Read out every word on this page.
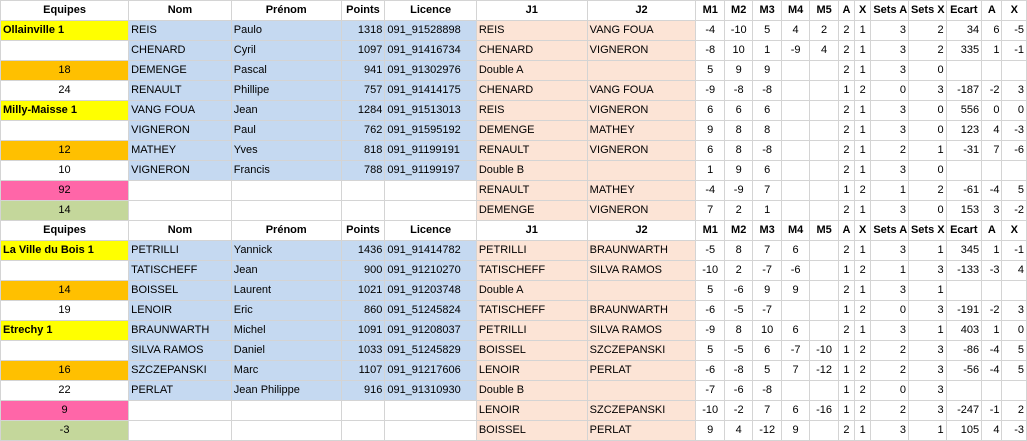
Equipes	Nom	Prénom	Points	Licence	J1	J2	M1	M2	M3	M4	M5	A	X	Sets A	Sets X	Ecart	A	X
Ollainville 1	REIS	Paulo	1318	091_91528898	REIS	VANG FOUA	-4	-10	5	4	2	2	1	3	2	34	6	-5
	CHENARD	Cyril	1097	091_91416734	CHENARD	VIGNERON	-8	10	1	-9	4	2	1	3	2	335	1	-1
18	DEMENGE	Pascal	941	091_91302976	Double A		5	9	9			2	1	3	0			
24	RENAULT	Phillipe	757	091_91414175	CHENARD	VANG FOUA	-9	-8	-8			1	2	0	3	-187	-2	3
Milly-Maisse 1	VANG FOUA	Jean	1284	091_91513013	REIS	VIGNERON	6	6	6			2	1	3	0	556	0	0
	VIGNERON	Paul	762	091_91595192	DEMENGE	MATHEY	9	8	8			2	1	3	0	123	4	-3
12	MATHEY	Yves	818	091_91199191	RENAULT	VIGNERON	6	8	-8			2	1	2	1	-31	7	-6
10	VIGNERON	Francis	788	091_91199197	Double B		1	9	6			2	1	3	0			
92					RENAULT	MATHEY	-4	-9	7			1	2	1	2	-61	-4	5
14					DEMENGE	VIGNERON	7	2	1			2	1	3	0	153	3	-2
Equipes	Nom	Prénom	Points	Licence	J1	J2	M1	M2	M3	M4	M5	A	X	Sets A	Sets X	Ecart	A	X
La Ville du Bois 1	PETRILLI	Yannick	1436	091_91414782	PETRILLI	BRAUNWARTH	-5	8	7	6		2	1	3	1	345	1	-1
	TATISCHEFF	Jean	900	091_91210270	TATISCHEFF	SILVA RAMOS	-10	2	-7	-6		1	2	1	3	-133	-3	4
14	BOISSEL	Laurent	1021	091_91203748	Double A		5	-6	9	9		2	1	3	1			
19	LENOIR	Eric	860	091_51245824	TATISCHEFF	BRAUNWARTH	-6	-5	-7			1	2	0	3	-191	-2	3
Etrechy 1	BRAUNWARTH	Michel	1091	091_91208037	PETRILLI	SILVA RAMOS	-9	8	10	6		2	1	3	1	403	1	0
	SILVA RAMOS	Daniel	1033	091_51245829	BOISSEL	SZCZEPANSKI	5	-5	6	-7	-10	1	2	2	3	-86	-4	5
16	SZCZEPANSKI	Marc	1107	091_91217606	LENOIR	PERLAT	-6	-8	5	7	-12	1	2	2	3	-56	-4	5
22	PERLAT	Jean Philippe	916	091_91310930	Double B		-7	-6	-8			1	2	0	3			
9					LENOIR	SZCZEPANSKI	-10	-2	7	6	-16	1	2	2	3	-247	-1	2
-3					BOISSEL	PERLAT	9	4	-12	9		2	1	3	1	105	4	-3
